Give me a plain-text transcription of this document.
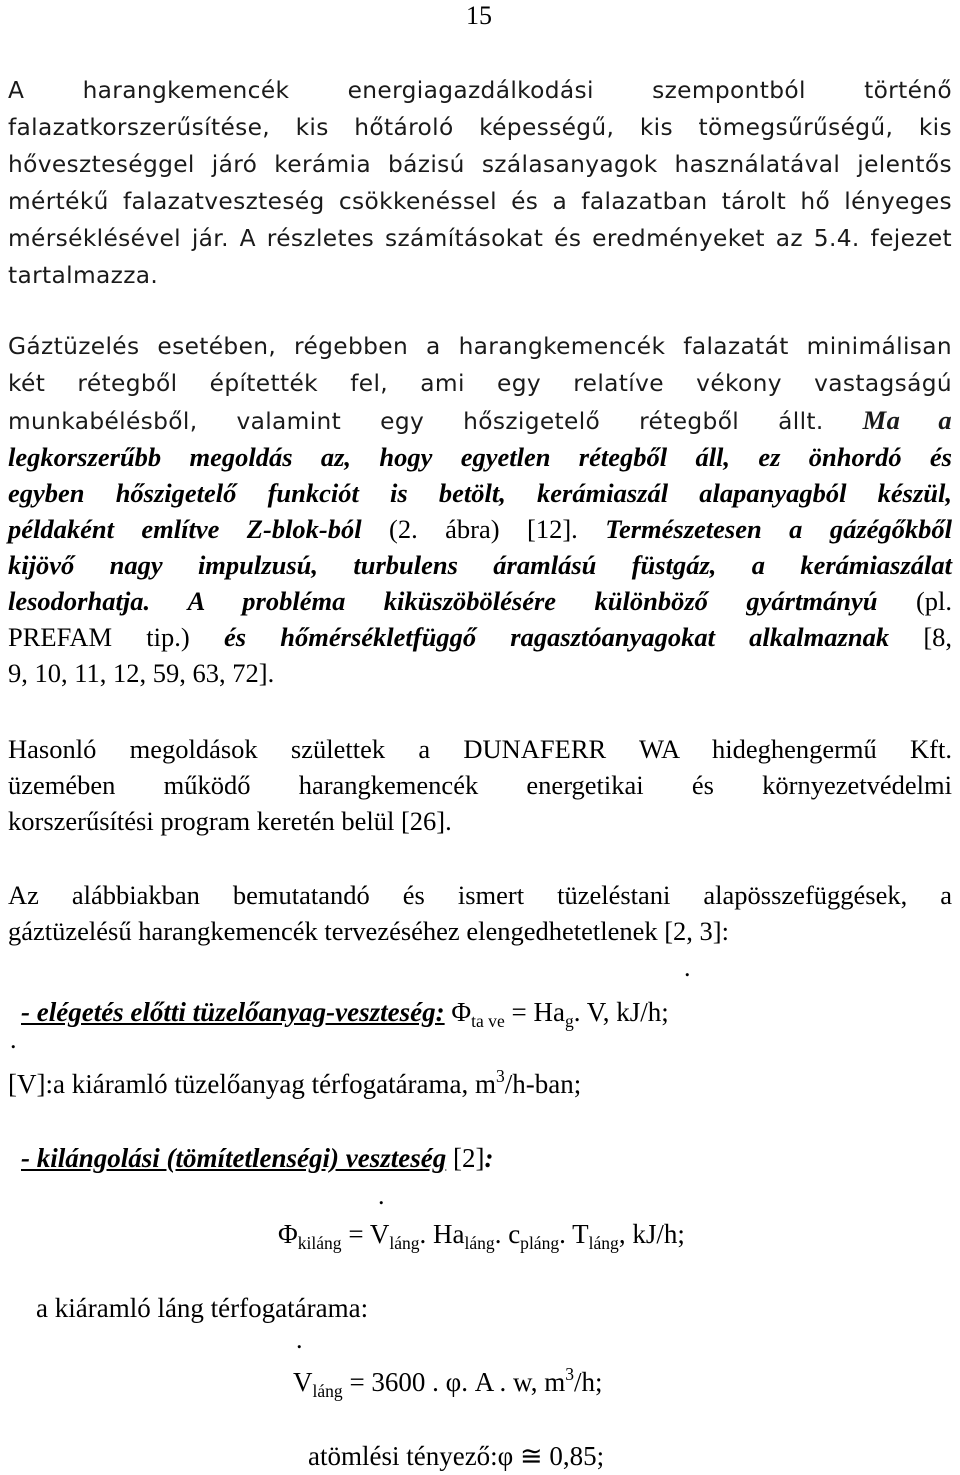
15
A harangkemencék energiagazdálkodási szempontból történő
falazatkorszerűsítése, kis hőtároló képességű, kis tömegsűrűségű, kis
hőveszteséggel járó kerámia bázisú szálasanyagok használatával jelentős
mértékű falazatveszteség csökkenéssel és a falazatban tárolt hő lényeges
mérséklésével jár. A részletes számításokat és eredményeket az 5.4. fejezet
tartalmazza.
Gáztüzelés esetében, régebben a harangkemencék falazatát minimálisan
két rétegből építették fel, ami egy relatíve vékony vastagságú
munkabélésből, valamint egy hőszigetelő rétegből állt. Ma a
legkorszerűbb megoldás az, hogy egyetlen rétegből áll, ez önhordó és
egyben hőszigetelő funkciót is betölt, kerámiaszál alapanyagból készül,
példaként említve Z-blok-ból (2. ábra) [12]. Természetesen a gázégőkből
kijövő nagy impulzusú, turbulens áramlású füstgáz, a kerámiaszálat
lesodorhatja. A probléma kiküszöbölésére különböző gyártmányú (pl.
PREFAM tip.) és hőmérsékletfüggő ragasztóanyagokat alkalmaznak [8,
9, 10, 11, 12, 59, 63, 72].
Hasonló megoldások születtek a DUNAFERR WA hideghengermű Kft.
üzemében működő harangkemencék energetikai és környezetvédelmi
korszerűsítési program keretén belül [26].
Az alábbiakban bemutatandó és ismert tüzeléstani alapösszefüggések, a
gáztüzelésű harangkemencék tervezéséhez elengedhetetlenek [2, 3]:
.
.
.
.
- elégetés előtti tüzelőanyag-veszteség: $\Phi_{ta ve} = Ha_g$. V, kJ/h;
[V]:a kiáramló tüzelőanyag térfogatárama, $m^3/h$-ban;
- kilángolási (tömítetlenségi) veszteség [2]:
$\Phi_{kiláng} = V_{láng}$. $Ha_{láng}$. $c_{pláng}$. $T_{láng}$, kJ/h;
a kiáramló láng térfogatárama:
$V_{láng} = 3600$ . φ. A . w, $m^3/h$;
atömlési tényező:φ ≅ 0,85;
